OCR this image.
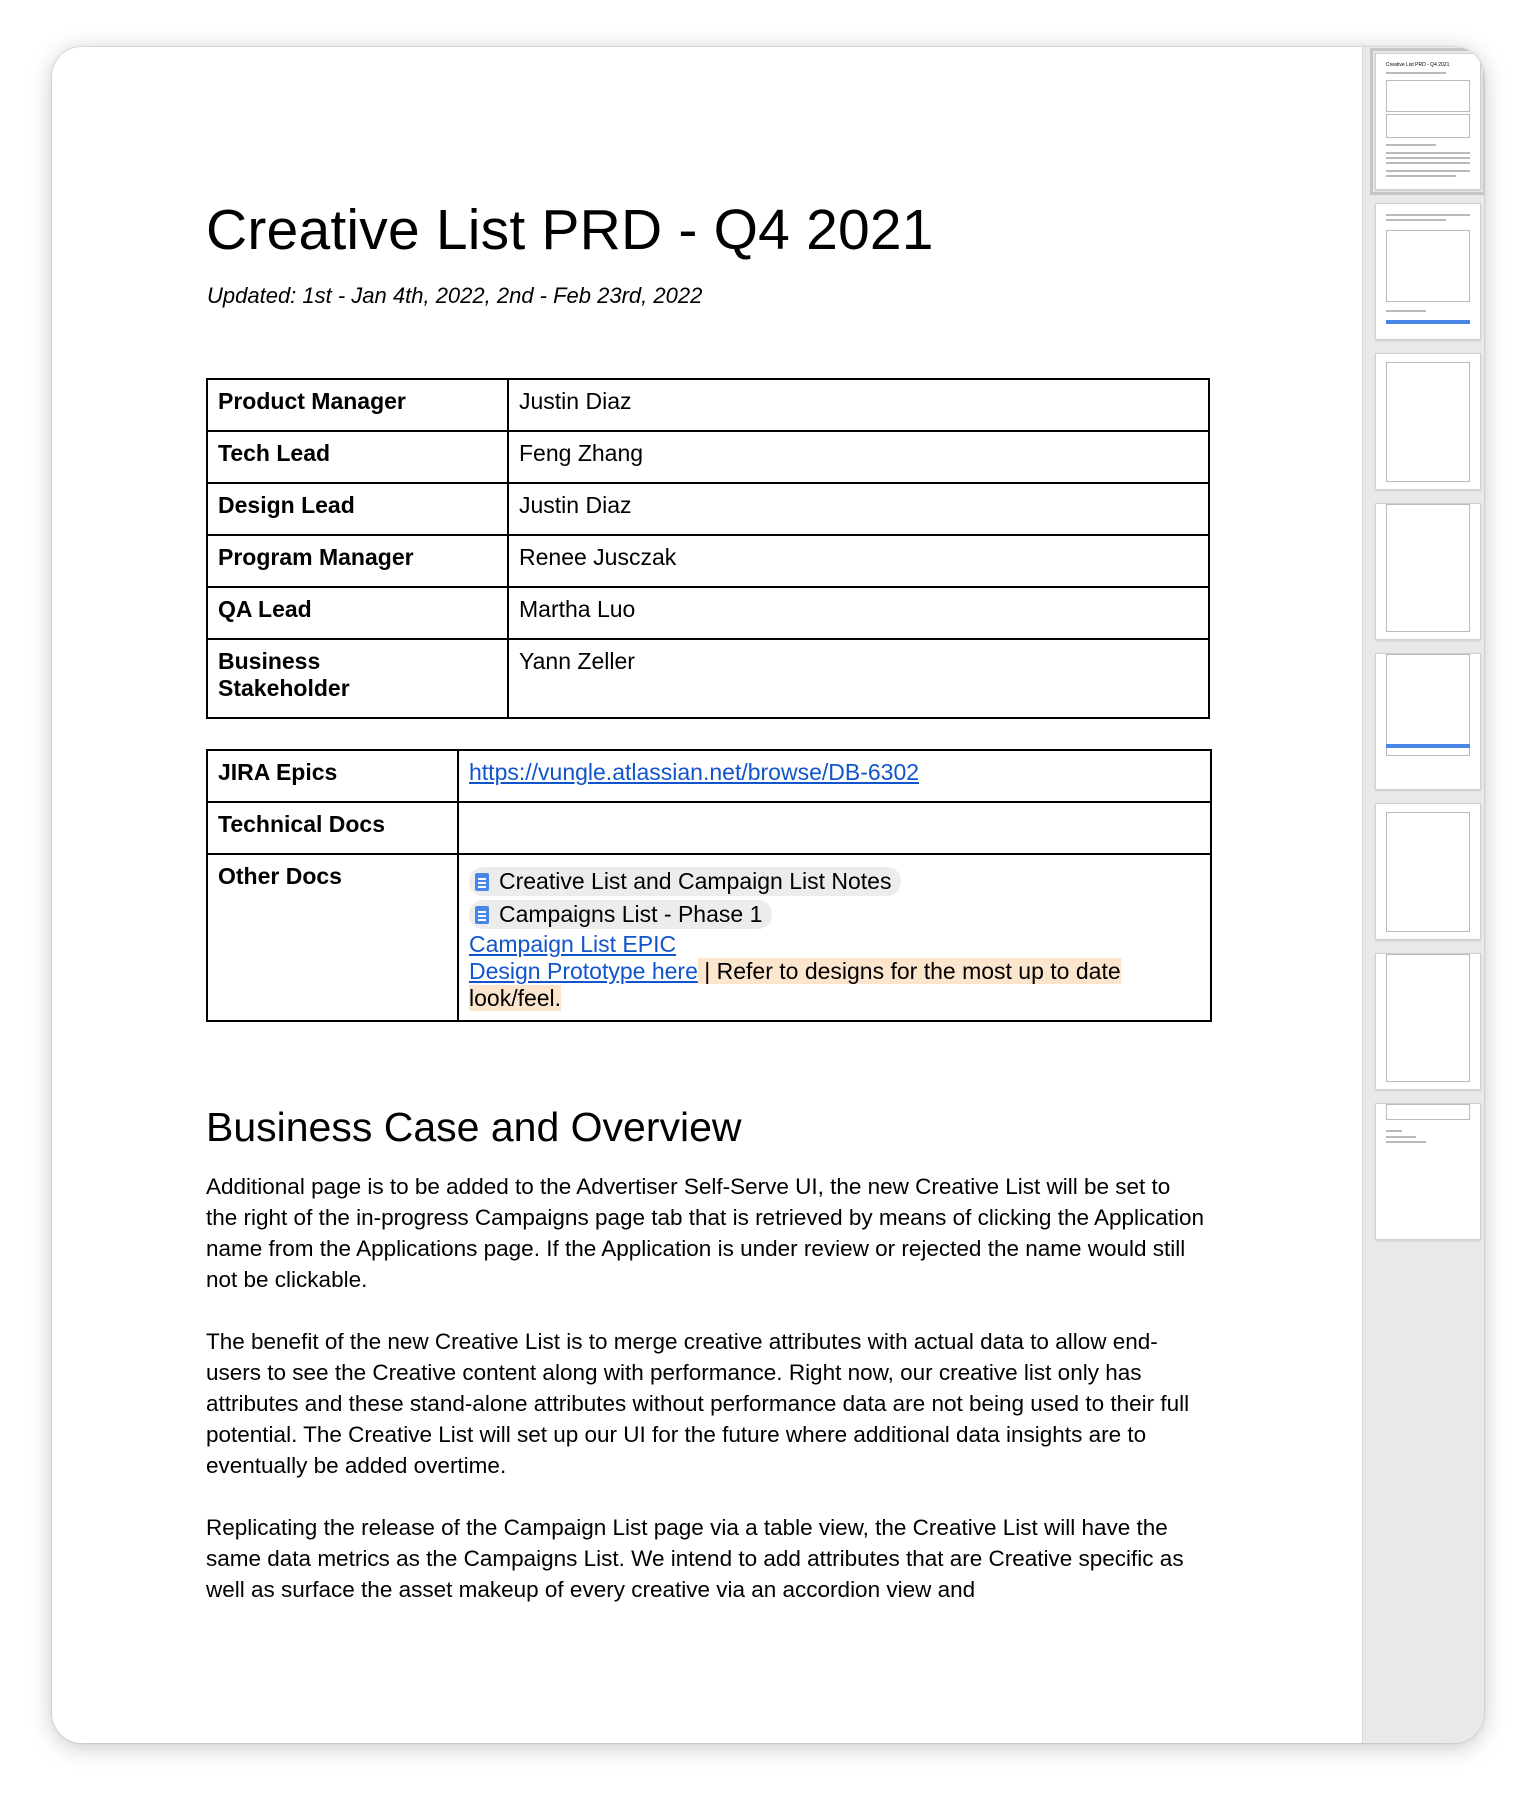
Creative List PRD - Q4 2021

Updated: 1st - Jan 4th, 2022, 2nd - Feb 23rd, 2022

Product Manager	Justin Diaz
Tech Lead	Feng Zhang
Design Lead	Justin Diaz
Program Manager	Renee Jusczak
QA Lead	Martha Luo
Business Stakeholder	Yann Zeller
JIRA Epics	https://vungle.atlassian.net/browse/DB-6302
Technical Docs	
Other Docs	Creative List and Campaign List Notes
Campaigns List - Phase 1
Campaign List EPIC
Design Prototype here | Refer to designs for the most up to date look/feel.
Business Case and Overview

Additional page is to be added to the Advertiser Self-Serve UI, the new Creative List will be set to the right of the in-progress Campaigns page tab that is retrieved by means of clicking the Application name from the Applications page. If the Application is under review or rejected the name would still not be clickable.

The benefit of the new Creative List is to merge creative attributes with actual data to allow end-users to see the Creative content along with performance. Right now, our creative list only has attributes and these stand-alone attributes without performance data are not being used to their full potential. The Creative List will set up our UI for the future where additional data insights are to eventually be added overtime.

Replicating the release of the Campaign List page via a table view, the Creative List will have the same data metrics as the Campaigns List. We intend to add attributes that are Creative specific as well as surface the asset makeup of every creative via an accordion view and

Creative List PRD - Q4 2021
